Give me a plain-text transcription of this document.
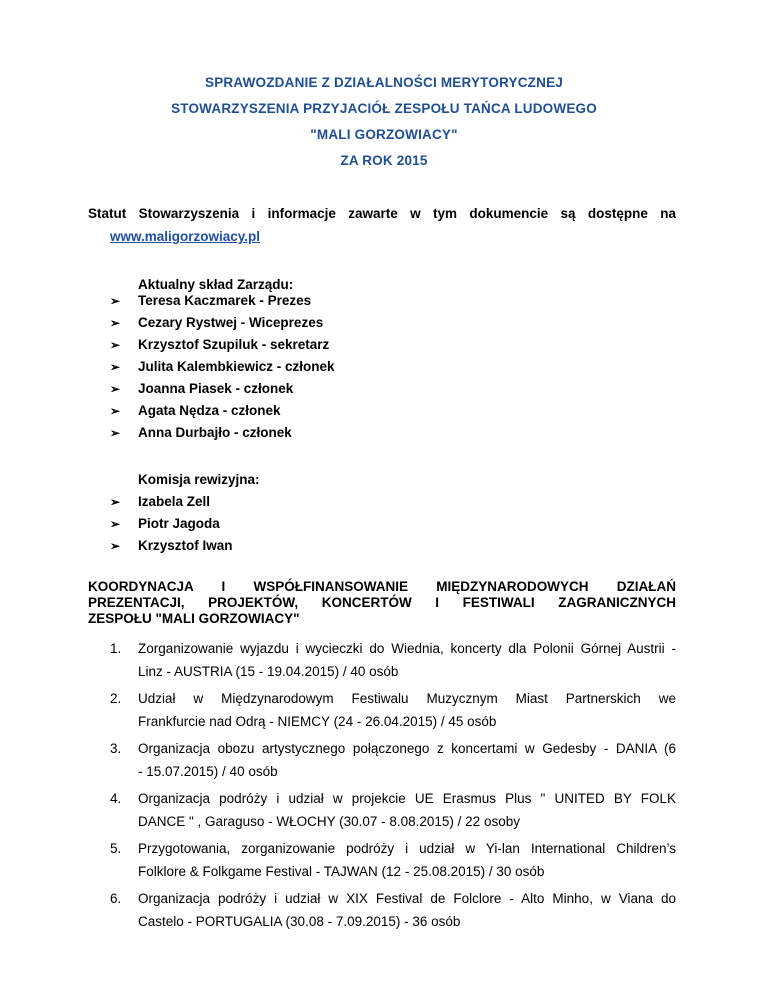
SPRAWOZDANIE Z DZIAŁALNOŚCI MERYTORYCZNEJ
STOWARZYSZENIA PRZYJACIÓŁ ZESPOŁU TAŃCA LUDOWEGO
"MALI GORZOWIACY"
ZA ROK 2015
Statut Stowarzyszenia i informacje zawarte w tym dokumencie są dostępne na
www.maligorzowiacy.pl
Aktualny skład Zarządu:
➢ Teresa Kaczmarek - Prezes
➢ Cezary Rystwej - Wiceprezes
➢ Krzysztof Szupiluk - sekretarz
➢ Julita Kalembkiewicz - członek
➢ Joanna Piasek - członek
➢ Agata Nędza - członek
➢ Anna Durbajło - członek
Komisja rewizyjna:
➢ Izabela Zell
➢ Piotr Jagoda
➢ Krzysztof Iwan
KOORDYNACJA I WSPÓŁFINANSOWANIE MIĘDZYNARODOWYCH DZIAŁAŃ
PREZENTACJI, PROJEKTÓW, KONCERTÓW I FESTIWALI ZAGRANICZNYCH
ZESPOŁU "MALI GORZOWIACY"
1. Zorganizowanie wyjazdu i wycieczki do Wiednia, koncerty dla Polonii Górnej Austrii -
Linz - AUSTRIA (15 - 19.04.2015) / 40 osób
2. Udział w Międzynarodowym Festiwalu Muzycznym Miast Partnerskich we
Frankfurcie nad Odrą - NIEMCY (24 - 26.04.2015) / 45 osób
3. Organizacja obozu artystycznego połączonego z koncertami w Gedesby - DANIA (6
- 15.07.2015) / 40 osób
4. Organizacja podróży i udział w projekcie UE Erasmus Plus " UNITED BY FOLK
DANCE " , Garaguso - WŁOCHY (30.07 - 8.08.2015) / 22 osoby
5. Przygotowania, zorganizowanie podróży i udział w Yi-lan International Children’s
Folklore & Folkgame Festival - TAJWAN (12 - 25.08.2015) / 30 osób
6. Organizacja podróży i udział w XIX Festival de Folclore - Alto Minho, w Viana do
Castelo - PORTUGALIA (30.08 - 7.09.2015) - 36 osób
